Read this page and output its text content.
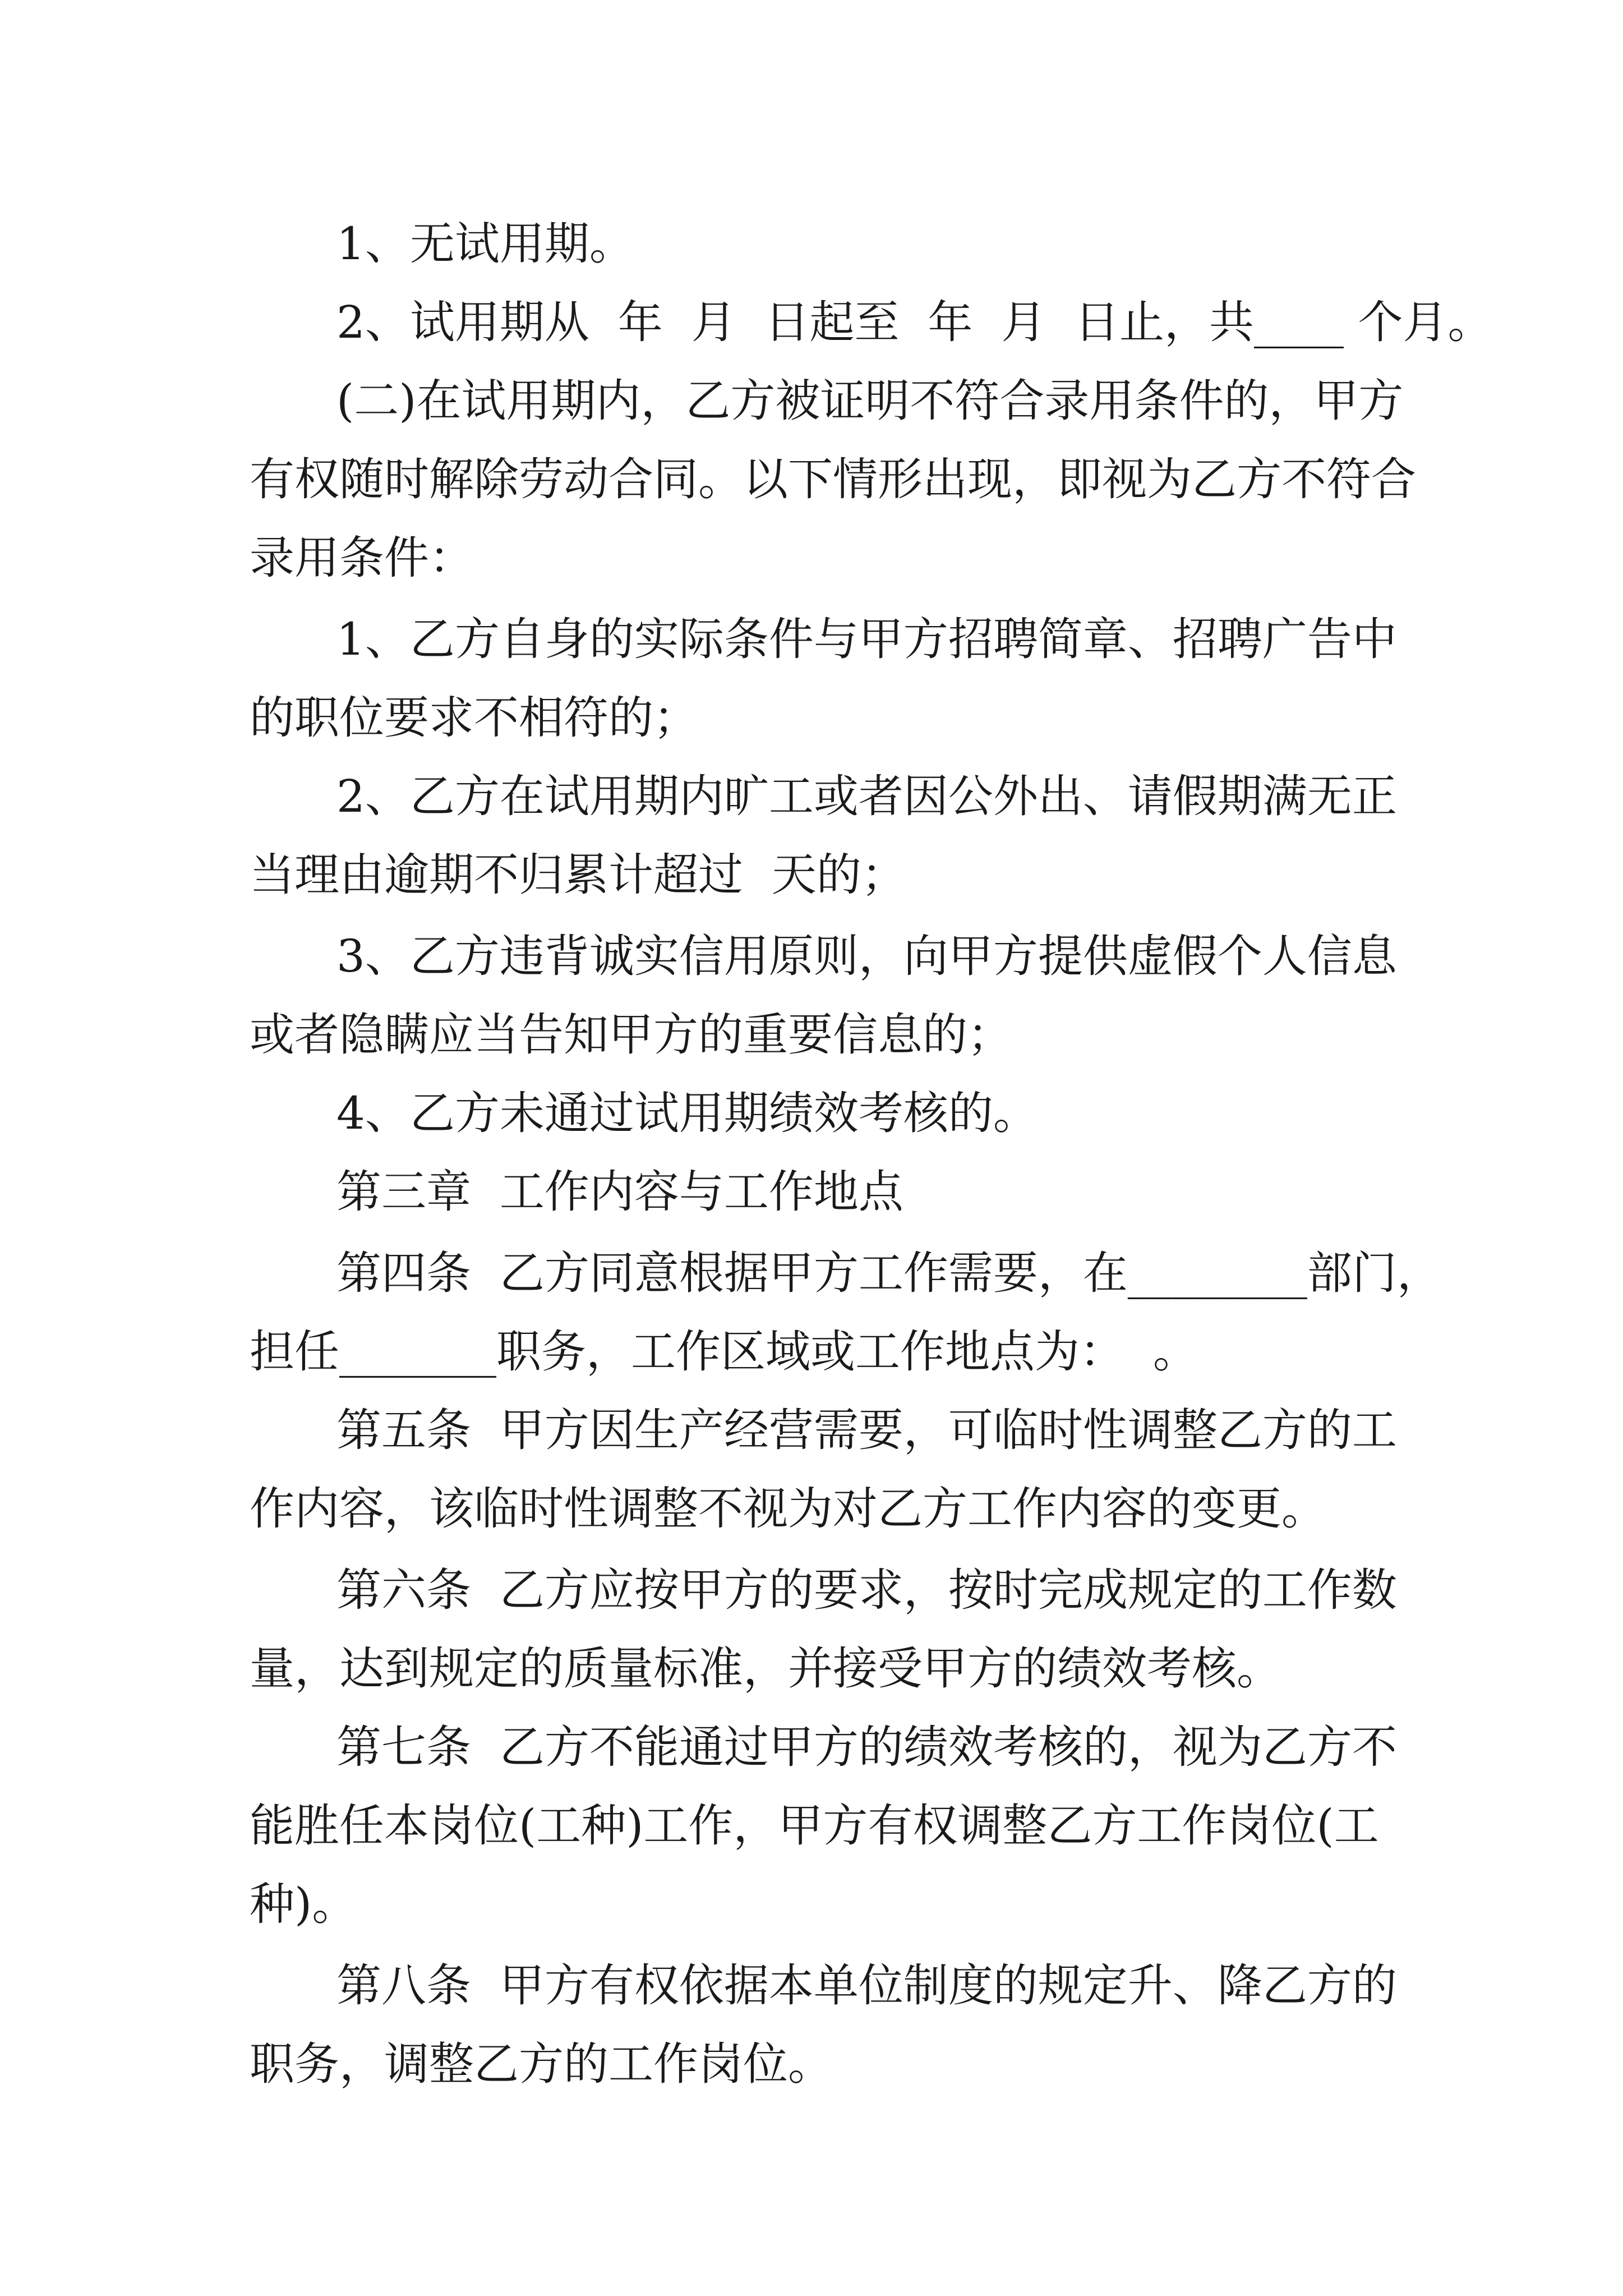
1、无试用期。
2、试用期从  年  月  日起至  年  月  日止，共____ 个月。
(二)在试用期内，乙方被证明不符合录用条件的，甲方
有权随时解除劳动合同。以下情形出现，即视为乙方不符合
录用条件：
1、乙方自身的实际条件与甲方招聘简章、招聘广告中
的职位要求不相符的；
2、乙方在试用期内旷工或者因公外出、请假期满无正
当理由逾期不归累计超过  天的；
3、乙方违背诚实信用原则，向甲方提供虚假个人信息
或者隐瞒应当告知甲方的重要信息的；
4、乙方未通过试用期绩效考核的。
第三章  工作内容与工作地点
第四条  乙方同意根据甲方工作需要，在________部门，
担任_______职务，工作区域或工作地点为：  。
第五条  甲方因生产经营需要，可临时性调整乙方的工
作内容，该临时性调整不视为对乙方工作内容的变更。
第六条  乙方应按甲方的要求，按时完成规定的工作数
量，达到规定的质量标准，并接受甲方的绩效考核。
第七条  乙方不能通过甲方的绩效考核的，视为乙方不
能胜任本岗位(工种)工作，甲方有权调整乙方工作岗位(工
种)。
第八条  甲方有权依据本单位制度的规定升、降乙方的
职务，调整乙方的工作岗位。
